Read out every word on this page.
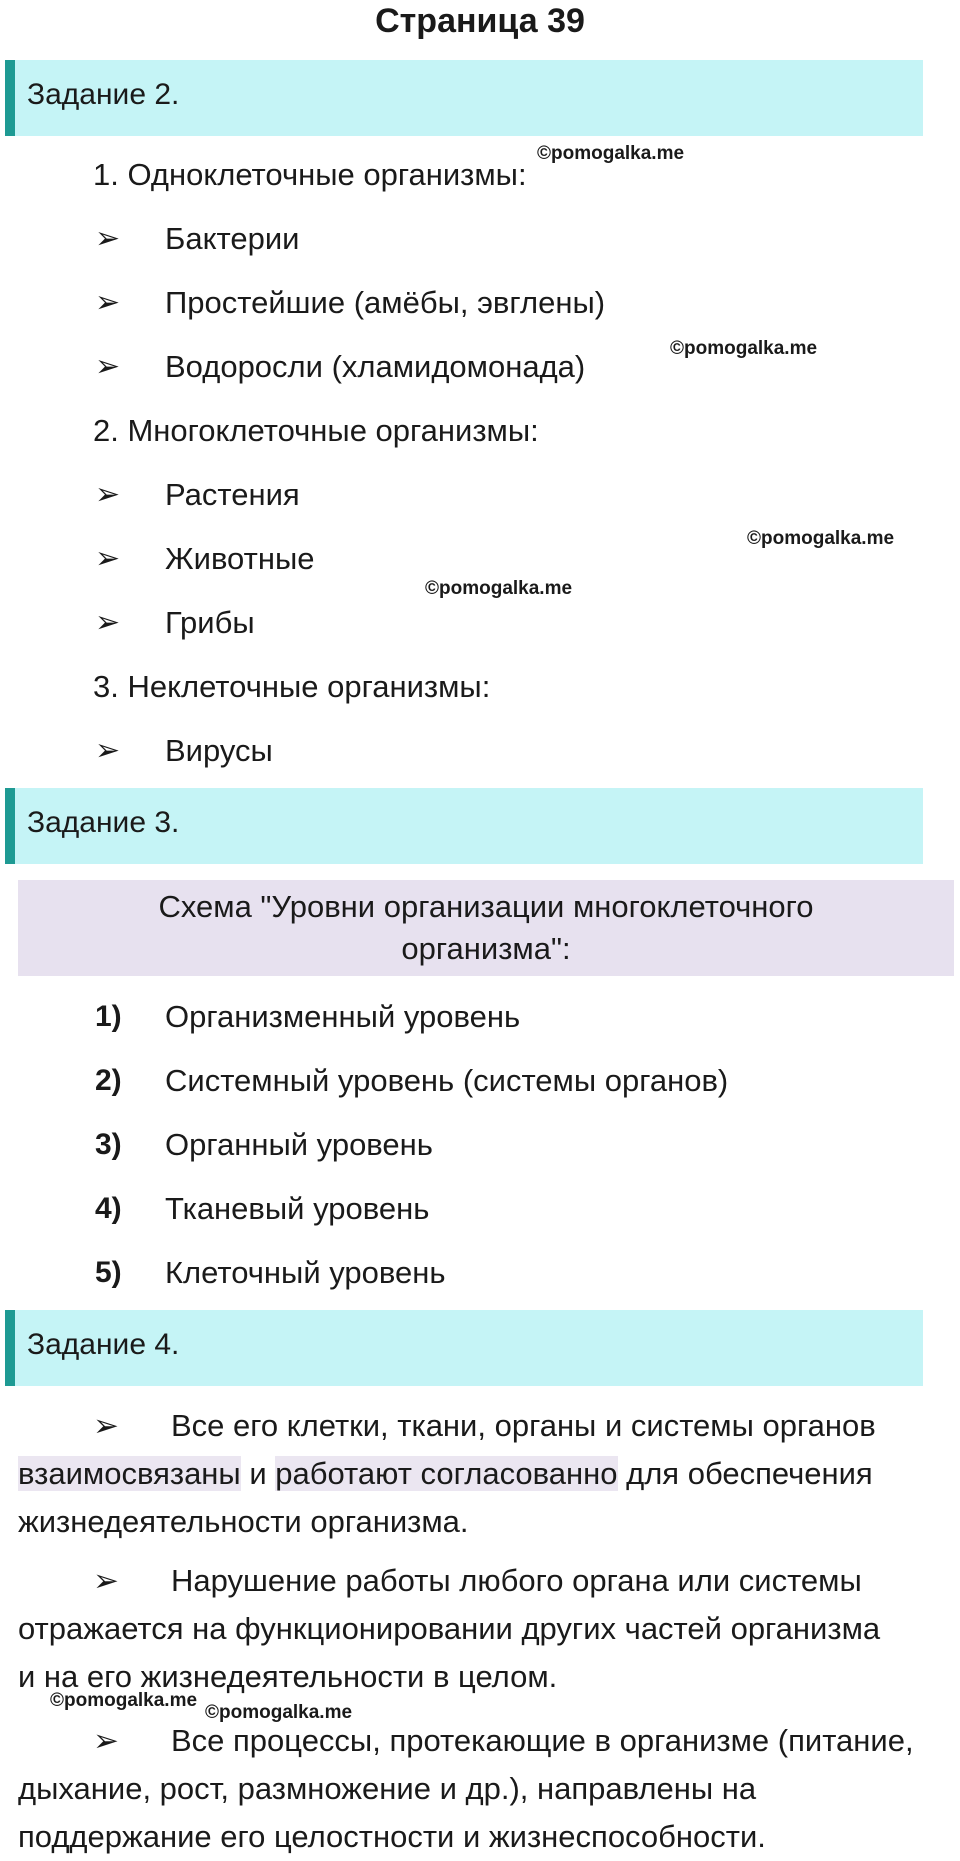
Страница 39
Задание 2.
1. Одноклеточные организмы:
➢ Бактерии
➢ Простейшие (амёбы, эвглены)
➢ Водоросли (хламидомонада)
2. Многоклеточные организмы:
➢ Растения
➢ Животные
➢ Грибы
3. Неклеточные организмы:
➢ Вирусы
Задание 3.
Схема "Уровни организации многоклеточного
организма":
1) Организменный уровень
2) Системный уровень (системы органов)
3) Органный уровень
4) Тканевый уровень
5) Клеточный уровень
Задание 4.
➢ Все его клетки, ткани, органы и системы органов
взаимосвязаны и работают согласованно для обеспечения
жизнедеятельности организма.
➢ Нарушение работы любого органа или системы
отражается на функционировании других частей организма
и на его жизнедеятельности в целом.
➢ Все процессы, протекающие в организме (питание,
дыхание, рост, размножение и др.), направлены на
поддержание его целостности и жизнеспособности.
©pomogalka.me
©pomogalka.me
©pomogalka.me
©pomogalka.me
©pomogalka.me
©pomogalka.me
